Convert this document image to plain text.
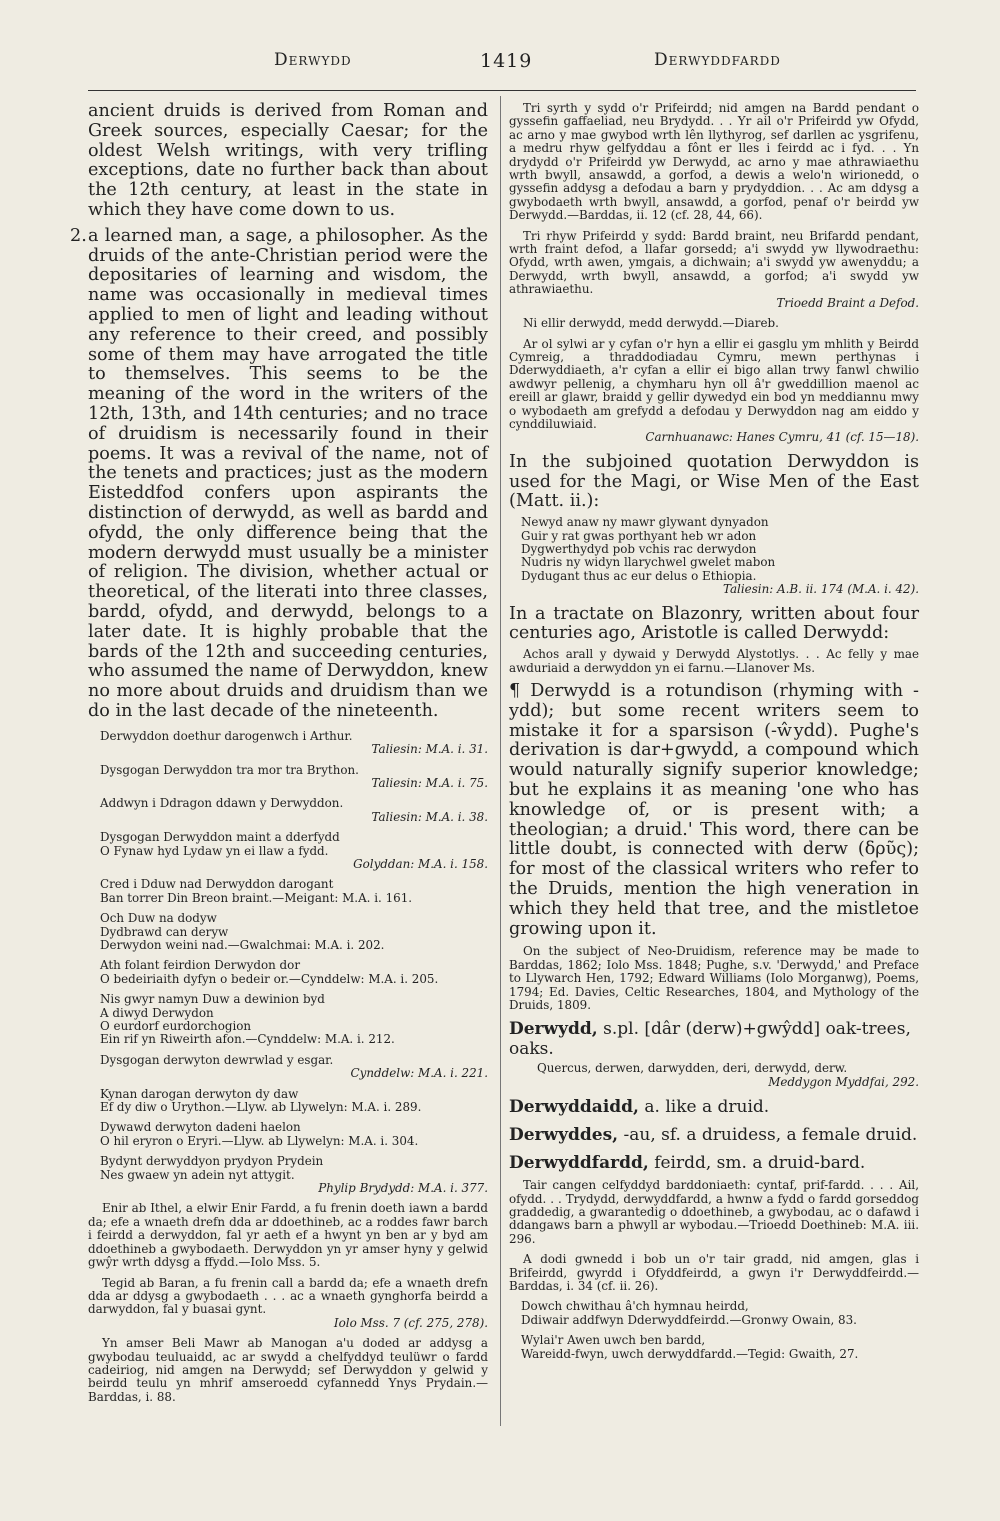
Derwydd	1419	Derwyddfardd

ancient druids is derived from Roman and Greek sources, especially Caesar; for the oldest Welsh writings, with very trifling exceptions, date no further back than about the 12th century, at least in the state in which they have come down to us.

2.a learned man, a sage, a philosopher. As the druids of the ante-Christian period were the depositaries of learning and wisdom, the name was occasionally in medieval times applied to men of light and leading without any reference to their creed, and possibly some of them may have arrogated the title to themselves. This seems to be the meaning of the word in the writers of the 12th, 13th, and 14th centuries; and no trace of druidism is necessarily found in their poems. It was a revival of the name, not of the tenets and practices; just as the modern Eisteddfod confers upon aspirants the distinction of derwydd, as well as bardd and ofydd, the only difference being that the modern derwydd must usually be a minister of religion. The division, whether actual or theoretical, of the literati into three classes, bardd, ofydd, and derwydd, belongs to a later date. It is highly probable that the bards of the 12th and succeeding centuries, who assumed the name of Derwyddon, knew no more about druids and druidism than we do in the last decade of the nineteenth.

Derwyddon doethur darogenwch i Arthur.
Taliesin: M.A. i. 31.
Dysgogan Derwyddon tra mor tra Brython.
Taliesin: M.A. i. 75.
Addwyn i Ddragon ddawn y Derwyddon.
Taliesin: M.A. i. 38.
Dysgogan Derwyddon maint a dderfydd
O Fynaw hyd Lydaw yn ei llaw a fydd.
Golyddan: M.A. i. 158.
Cred i Dduw nad Derwyddon darogant
Ban torrer Din Breon braint.—Meigant: M.A. i. 161.
Och Duw na dodyw
Dydbrawd can deryw
Derwydon weini nad.—Gwalchmai: M.A. i. 202.
Ath folant feirdion Derwydon dor
O bedeiriaith dyfyn o bedeir or.—Cynddelw: M.A. i. 205.
Nis gwyr namyn Duw a dewinion byd
A diwyd Derwydon
O eurdorf eurdorchogion
Ein rif yn Riweirth afon.—Cynddelw: M.A. i. 212.
Dysgogan derwyton dewrwlad y esgar.
Cynddelw: M.A. i. 221.
Kynan darogan derwyton dy daw
Ef dy diw o Urython.—Llyw. ab Llywelyn: M.A. i. 289.
Dywawd derwyton dadeni haelon
O hil eryron o Eryri.—Llyw. ab Llywelyn: M.A. i. 304.
Bydynt derwyddyon prydyon Prydein
Nes gwaew yn adein nyt attygit.
Phylip Brydydd: M.A. i. 377.

Enir ab Ithel, a elwir Enir Fardd, a fu frenin doeth iawn a bardd da; efe a wnaeth drefn dda ar ddoethineb, ac a roddes fawr barch i feirdd a derwyddon, fal yr aeth ef a hwynt yn ben ar y byd am ddoethineb a gwybodaeth. Derwyddon yn yr amser hyny y gelwid gwŷr wrth ddysg a ffydd.—Iolo Mss. 5.

Tegid ab Baran, a fu frenin call a bardd da; efe a wnaeth drefn dda ar ddysg a gwybodaeth . . . ac a wnaeth gynghorfa beirdd a darwyddon, fal y buasai gynt.

Iolo Mss. 7 (cf. 275, 278).

Yn amser Beli Mawr ab Manogan a'u doded ar addysg a gwybodau teuluaidd, ac ar swydd a chelfyddyd teulüwr o fardd cadeiriog, nid amgen na Derwydd; sef Derwyddon y gelwid y beirdd teulu yn mhrif amseroedd cyfannedd Ynys Prydain.—Barddas, i. 88.

Tri syrth y sydd o'r Prifeirdd; nid amgen na Bardd pendant o gyssefin gaffaeliad, neu Brydydd. . . Yr ail o'r Prifeirdd yw Ofydd, ac arno y mae gwybod wrth lên llythyrog, sef darllen ac ysgrifenu, a medru rhyw gelfyddau a fônt er lles i feirdd ac i fyd. . . Yn drydydd o'r Prifeirdd yw Derwydd, ac arno y mae athrawiaethu wrth bwyll, ansawdd, a gorfod, a dewis a welo'n wirionedd, o gyssefin addysg a defodau a barn y prydyddion. . . Ac am ddysg a gwybodaeth wrth bwyll, ansawdd, a gorfod, penaf o'r beirdd yw Derwydd.—Barddas, ii. 12 (cf. 28, 44, 66).

Tri rhyw Prifeirdd y sydd: Bardd braint, neu Brifardd pendant, wrth fraint defod, a llafar gorsedd; a'i swydd yw llywodraethu: Ofydd, wrth awen, ymgais, a dichwain; a'i swydd yw awenyddu; a Derwydd, wrth bwyll, ansawdd, a gorfod; a'i swydd yw athrawiaethu.

Trioedd Braint a Defod.

Ni ellir derwydd, medd derwydd.—Diareb.

Ar ol sylwi ar y cyfan o'r hyn a ellir ei gasglu ym mhlith y Beirdd Cymreig, a thraddodiadau Cymru, mewn perthynas i Dderwyddiaeth, a'r cyfan a ellir ei bigo allan trwy fanwl chwilio awdwyr pellenig, a chymharu hyn oll â'r gweddillion maenol ac ereill ar glawr, braidd y gellir dywedyd ein bod yn meddiannu mwy o wybodaeth am grefydd a defodau y Derwyddon nag am eiddo y cynddiluwiaid.

Carnhuanawc: Hanes Cymru, 41 (cf. 15—18).

In the subjoined quotation Derwyddon is used for the Magi, or Wise Men of the East (Matt. ii.):

Newyd anaw ny mawr glywant dynyadon
Guir y rat gwas porthyant heb wr adon
Dygwerthydyd pob vchis rac derwydon
Nudris ny widyn llarychwel gwelet mabon
Dydugant thus ac eur delus o Ethiopia.

Taliesin: A.B. ii. 174 (M.A. i. 42).

In a tractate on Blazonry, written about four centuries ago, Aristotle is called Derwydd:

Achos arall y dywaid y Derwydd Alystotlys. . . Ac felly y mae awduriaid a derwyddon yn ei farnu.—Llanover Ms.

¶ Derwydd is a rotundison (rhyming with -ydd); but some recent writers seem to mistake it for a sparsison (-ŵydd). Pughe's derivation is dar+gwydd, a compound which would naturally signify superior knowledge; but he explains it as meaning 'one who has knowledge of, or is present with; a theologian; a druid.' This word, there can be little doubt, is connected with derw (δρῦς); for most of the classical writers who refer to the Druids, mention the high veneration in which they held that tree, and the mistletoe growing upon it.

On the subject of Neo-Druidism, reference may be made to Barddas, 1862; Iolo Mss. 1848; Pughe, s.v. 'Derwydd,' and Preface to Llywarch Hen, 1792; Edward Williams (Iolo Morganwg), Poems, 1794; Ed. Davies, Celtic Researches, 1804, and Mythology of the Druids, 1809.

Derwydd, s.pl. [dâr (derw)+gwŷdd] oak-trees, oaks.

Quercus, derwen, darwydden, deri, derwydd, derw.

Meddygon Myddfai, 292.

Derwyddaidd, a. like a druid.
Derwyddes, -au, sf. a druidess, a female druid.
Derwyddfardd, feirdd, sm. a druid-bard.

Tair cangen celfyddyd barddoniaeth: cyntaf, prif-fardd. . . . Ail, ofydd. . . Trydydd, derwyddfardd, a hwnw a fydd o fardd gorseddog graddedig, a gwarantedig o ddoethineb, a gwybodau, ac o dafawd i ddangaws barn a phwyll ar wybodau.—Trioedd Doethineb: M.A. iii. 296.

A dodi gwnedd i bob un o'r tair gradd, nid amgen, glas i Brifeirdd, gwyrdd i Ofyddfeirdd, a gwyn i'r Derwyddfeirdd.—Barddas, i. 34 (cf. ii. 26).

Dowch chwithau â'ch hymnau heirdd,
Ddiwair addfwyn Dderwyddfeirdd.—Gronwy Owain, 83.
Wylai'r Awen uwch ben bardd,
Wareidd-fwyn, uwch derwyddfardd.—Tegid: Gwaith, 27.
